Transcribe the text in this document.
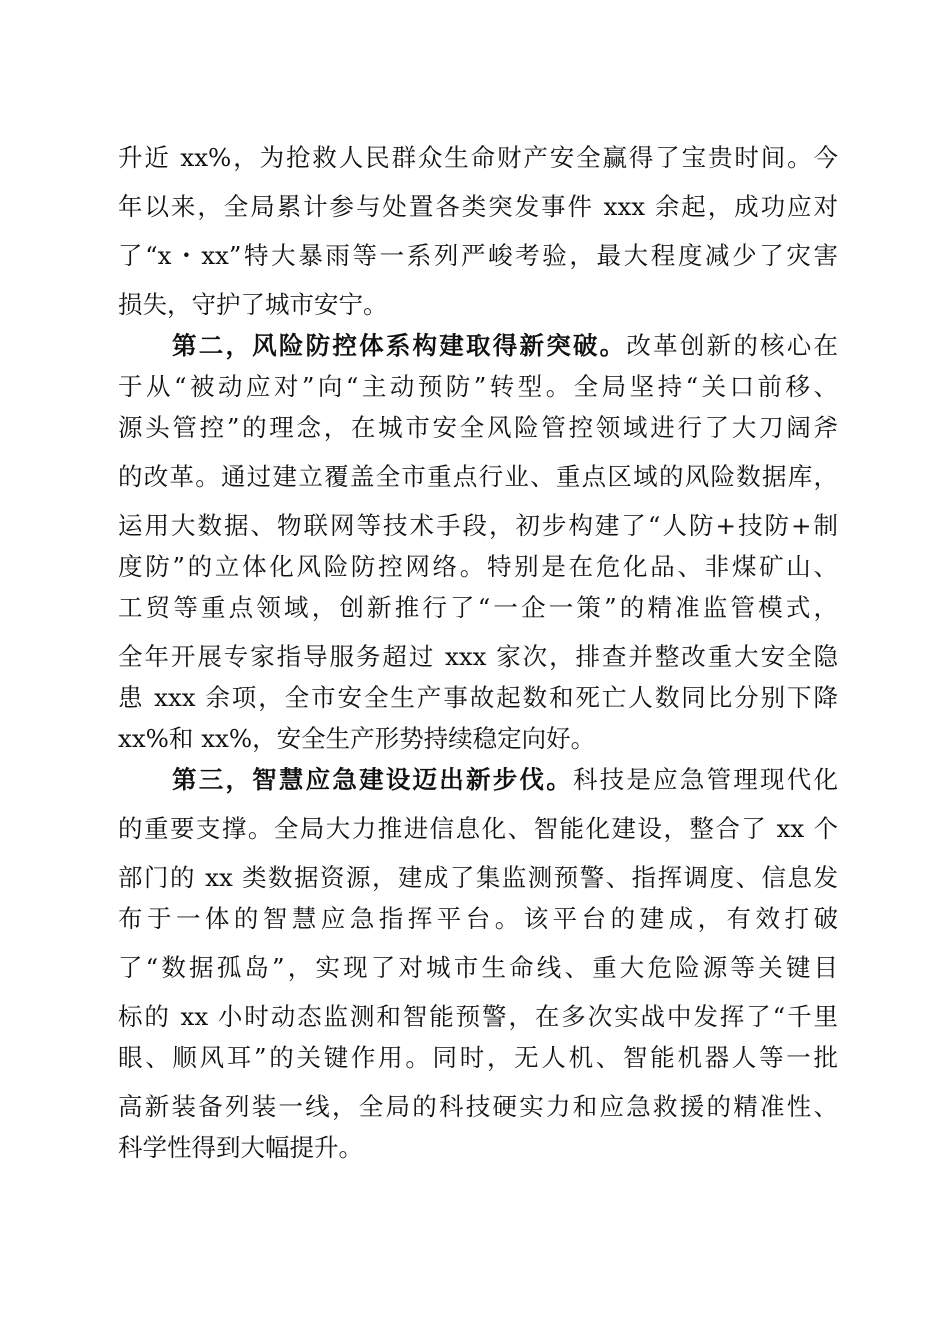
升近 xx%，为抢救人民群众生命财产安全赢得了宝贵时间。今
年以来，全局累计参与处置各类突发事件 xxx 余起，成功应对
了“x・xx”特大暴雨等一系列严峻考验，最大程度减少了灾害
损失，守护了城市安宁。
第二，风险防控体系构建取得新突破。改革创新的核心在
于从“被动应对”向“主动预防”转型。全局坚持“关口前移、
源头管控”的理念，在城市安全风险管控领域进行了大刀阔斧
的改革。通过建立覆盖全市重点行业、重点区域的风险数据库，
运用大数据、物联网等技术手段，初步构建了“人防+技防+制
度防”的立体化风险防控网络。特别是在危化品、非煤矿山、
工贸等重点领域，创新推行了“一企一策”的精准监管模式，
全年开展专家指导服务超过 xxx 家次，排查并整改重大安全隐
患 xxx 余项，全市安全生产事故起数和死亡人数同比分别下降
xx%和 xx%，安全生产形势持续稳定向好。
第三，智慧应急建设迈出新步伐。科技是应急管理现代化
的重要支撑。全局大力推进信息化、智能化建设，整合了 xx 个
部门的 xx 类数据资源，建成了集监测预警、指挥调度、信息发
布于一体的智慧应急指挥平台。该平台的建成，有效打破
了“数据孤岛”，实现了对城市生命线、重大危险源等关键目
标的 xx 小时动态监测和智能预警，在多次实战中发挥了“千里
眼、顺风耳”的关键作用。同时，无人机、智能机器人等一批
高新装备列装一线，全局的科技硬实力和应急救援的精准性、
科学性得到大幅提升。
